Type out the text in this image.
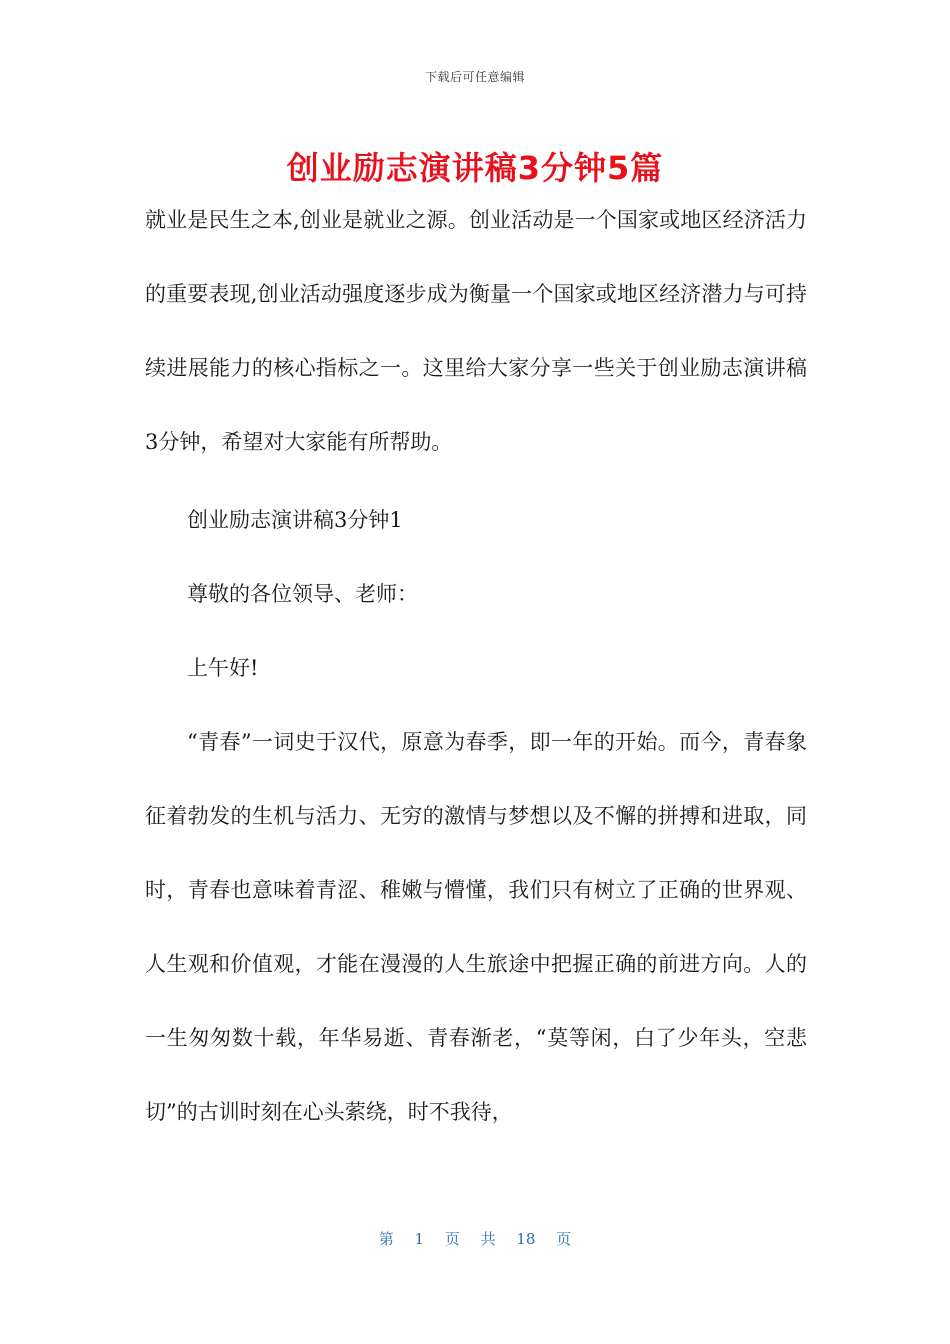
下载后可任意编辑
创业励志演讲稿3分钟5篇

就业是民生之本,创业是就业之源。创业活动是一个国家或地区经济活力的重要表现,创业活动强度逐步成为衡量一个国家或地区经济潜力与可持续进展能力的核心指标之一。这里给大家分享一些关于创业励志演讲稿3分钟，希望对大家能有所帮助。

创业励志演讲稿3分钟1

尊敬的各位领导、老师：

上午好!

“青春”一词史于汉代，原意为春季，即一年的开始。而今，青春象征着勃发的生机与活力、无穷的激情与梦想以及不懈的拼搏和进取，同时，青春也意味着青涩、稚嫩与懵懂，我们只有树立了正确的世界观、人生观和价值观，才能在漫漫的人生旅途中把握正确的前进方向。人的一生匆匆数十载，年华易逝、青春渐老，“莫等闲，白了少年头，空悲切”的古训时刻在心头萦绕，时不我待，

第 1 页 共 18 页
